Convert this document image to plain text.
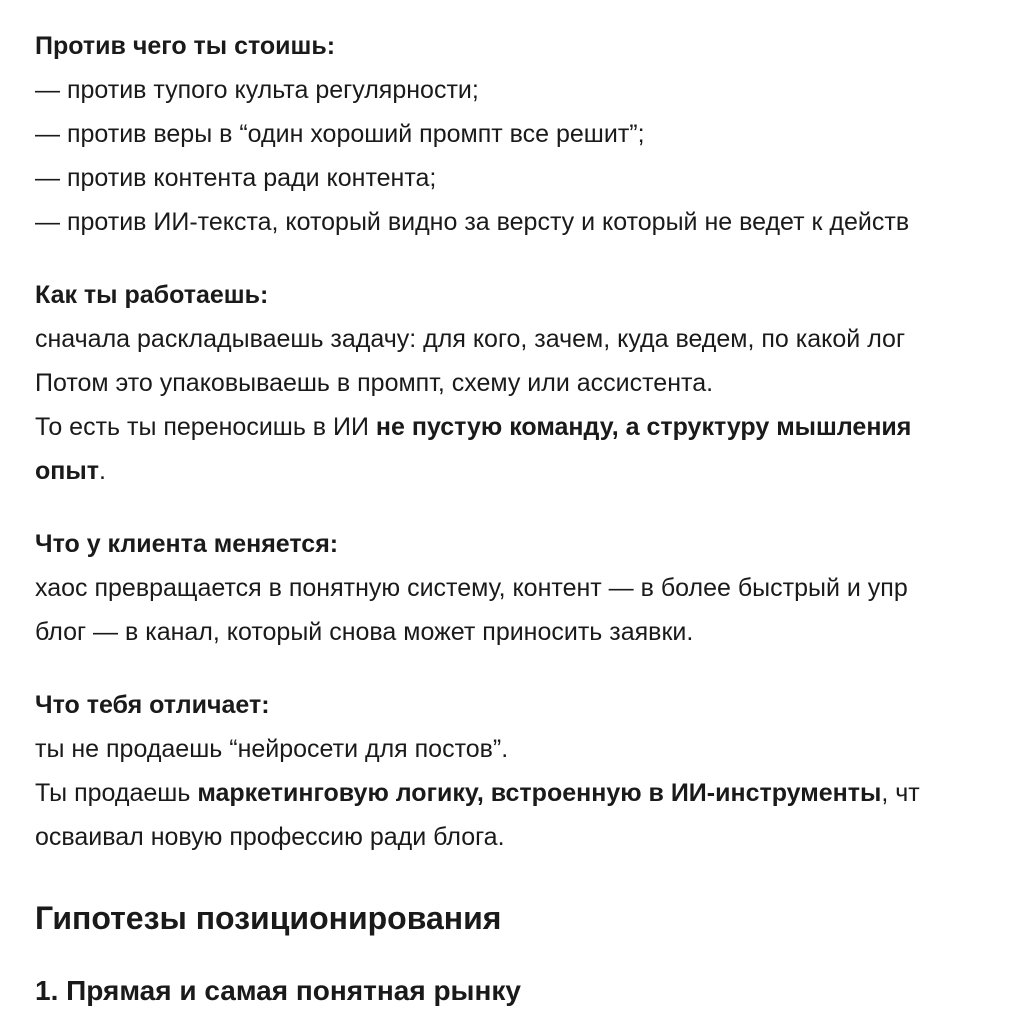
Против чего ты стоишь:
— против тупого культа регулярности;
— против веры в “один хороший промпт все решит”;
— против контента ради контента;
— против ИИ-текста, который видно за версту и который не ведет к действ
Как ты работаешь:
сначала раскладываешь задачу: для кого, зачем, куда ведем, по какой лог
Потом это упаковываешь в промпт, схему или ассистента.
То есть ты переносишь в ИИ не пустую команду, а структуру мышления
опыт.
Что у клиента меняется:
хаос превращается в понятную систему, контент — в более быстрый и упр
блог — в канал, который снова может приносить заявки.
Что тебя отличает:
ты не продаешь “нейросети для постов”.
Ты продаешь маркетинговую логику, встроенную в ИИ-инструменты, чт
осваивал новую профессию ради блога.
Гипотезы позиционирования
1. Прямая и самая понятная рынку
